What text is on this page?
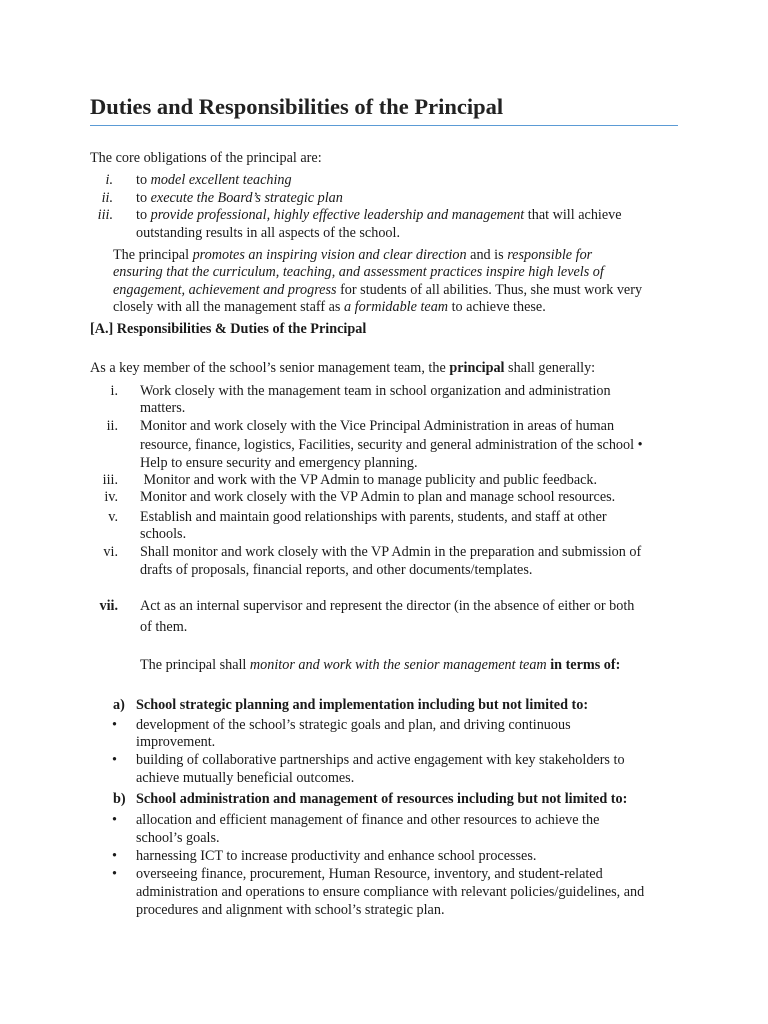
Duties and Responsibilities of the Principal
The core obligations of the principal are:
i. to model excellent teaching
ii. to execute the Board’s strategic plan
iii. to provide professional, highly effective leadership and management that will achieve
outstanding results in all aspects of the school.
The principal promotes an inspiring vision and clear direction and is responsible for
ensuring that the curriculum, teaching, and assessment practices inspire high levels of
engagement, achievement and progress for students of all abilities. Thus, she must work very
closely with all the management staff as a formidable team to achieve these.
[A.] Responsibilities & Duties of the Principal
As a key member of the school’s senior management team, the principal shall generally:
i. Work closely with the management team in school organization and administration
matters.
ii. Monitor and work closely with the Vice Principal Administration in areas of human
resource, finance, logistics, Facilities, security and general administration of the school •
Help to ensure security and emergency planning.
iii. Monitor and work with the VP Admin to manage publicity and public feedback.
iv. Monitor and work closely with the VP Admin to plan and manage school resources.
v. Establish and maintain good relationships with parents, students, and staff at other
schools.
vi. Shall monitor and work closely with the VP Admin in the preparation and submission of
drafts of proposals, financial reports, and other documents/templates.
vii. Act as an internal supervisor and represent the director (in the absence of either or both
of them.
The principal shall monitor and work with the senior management team in terms of:
a) School strategic planning and implementation including but not limited to:
•	development of the school’s strategic goals and plan, and driving continuous
improvement.
•	building of collaborative partnerships and active engagement with key stakeholders to
achieve mutually beneficial outcomes.
b) School administration and management of resources including but not limited to:
•	allocation and efficient management of finance and other resources to achieve the
school’s goals.
•	harnessing ICT to increase productivity and enhance school processes.
•	overseeing finance, procurement, Human Resource, inventory, and student-related
administration and operations to ensure compliance with relevant policies/guidelines, and
procedures and alignment with school’s strategic plan.
